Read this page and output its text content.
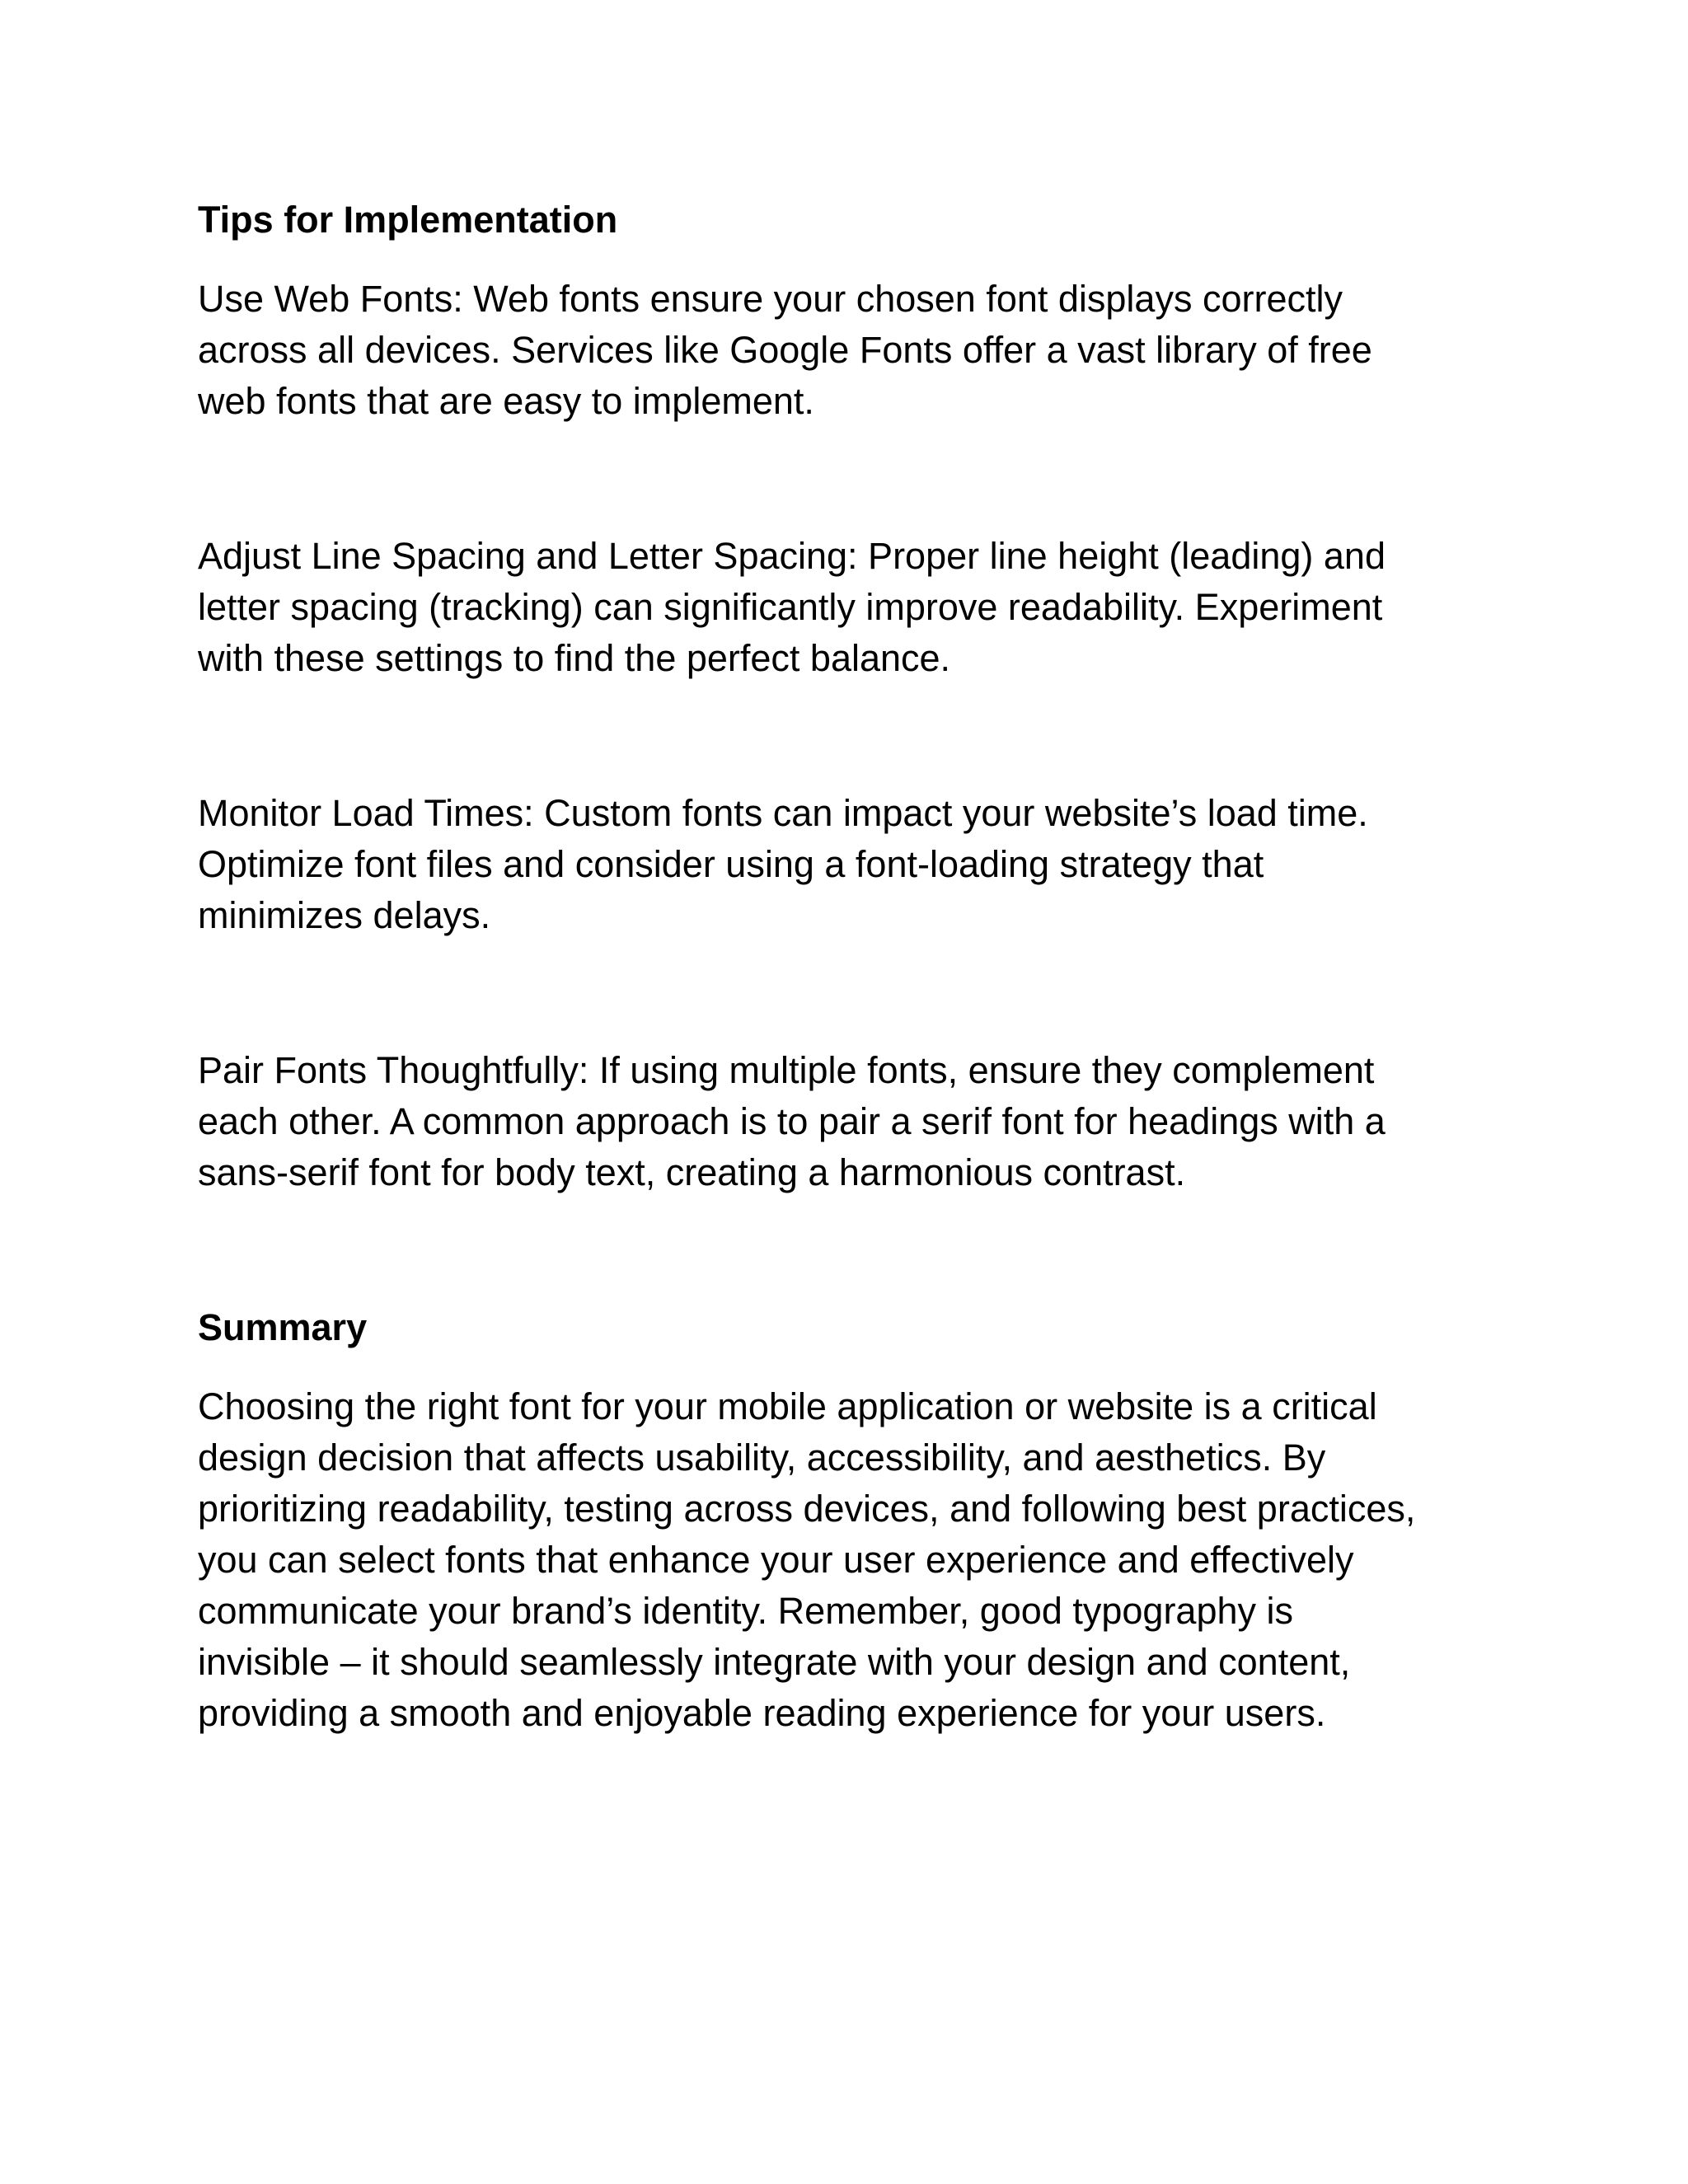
Tips for Implementation

Use Web Fonts: Web fonts ensure your chosen font displays correctly
across all devices. Services like Google Fonts offer a vast library of free
web fonts that are easy to implement.

Adjust Line Spacing and Letter Spacing: Proper line height (leading) and
letter spacing (tracking) can significantly improve readability. Experiment
with these settings to find the perfect balance.

Monitor Load Times: Custom fonts can impact your website’s load time.
Optimize font files and consider using a font-loading strategy that
minimizes delays.

Pair Fonts Thoughtfully: If using multiple fonts, ensure they complement
each other. A common approach is to pair a serif font for headings with a
sans-serif font for body text, creating a harmonious contrast.

Summary

Choosing the right font for your mobile application or website is a critical
design decision that affects usability, accessibility, and aesthetics. By
prioritizing readability, testing across devices, and following best practices,
you can select fonts that enhance your user experience and effectively
communicate your brand’s identity. Remember, good typography is
invisible – it should seamlessly integrate with your design and content,
providing a smooth and enjoyable reading experience for your users.
